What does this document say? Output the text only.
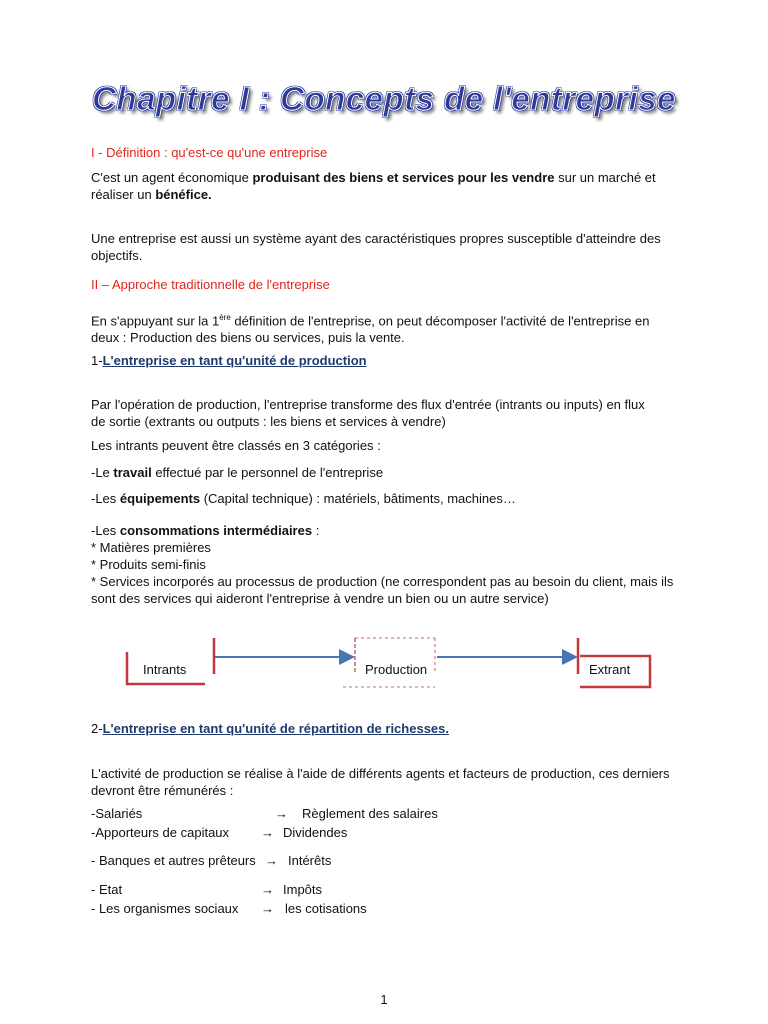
Chapitre I : Concepts de l'entreprise
I - Définition : qu'est-ce qu'une entreprise
C'est un agent économique produisant des biens et services pour les vendre sur un marché et
réaliser un bénéfice.
Une entreprise est aussi un système ayant des caractéristiques propres susceptible d'atteindre des
objectifs.
II – Approche traditionnelle de l'entreprise
En s'appuyant sur la 1ère définition de l'entreprise, on peut décomposer l'activité de l'entreprise en
deux : Production des biens ou services, puis la vente.
1-L'entreprise en tant qu'unité de production
Par l'opération de production, l'entreprise transforme des flux d'entrée (intrants ou inputs) en flux
de sortie (extrants ou outputs : les biens et services à vendre)
Les intrants peuvent être classés en 3 catégories :
-Le travail effectué par le personnel de l'entreprise
-Les équipements (Capital technique) : matériels, bâtiments, machines…
-Les consommations intermédiaires :
* Matières premières
* Produits semi-finis
* Services incorporés au processus de production (ne correspondent pas au besoin du client, mais ils
sont des services qui aideront l'entreprise à vendre un bien ou un autre service)
Intrants	Production	Extrant
2-L'entreprise en tant qu'unité de répartition de richesses.
L'activité de production se réalise à l'aide de différents agents et facteurs de production, ces derniers
devront être rémunérés :
-Salariés	→ Règlement des salaires
-Apporteurs de capitaux → Dividendes
- Banques et autres prêteurs → Intérêts
- Etat	→ Impôts
- Les organismes sociaux → les cotisations
1
